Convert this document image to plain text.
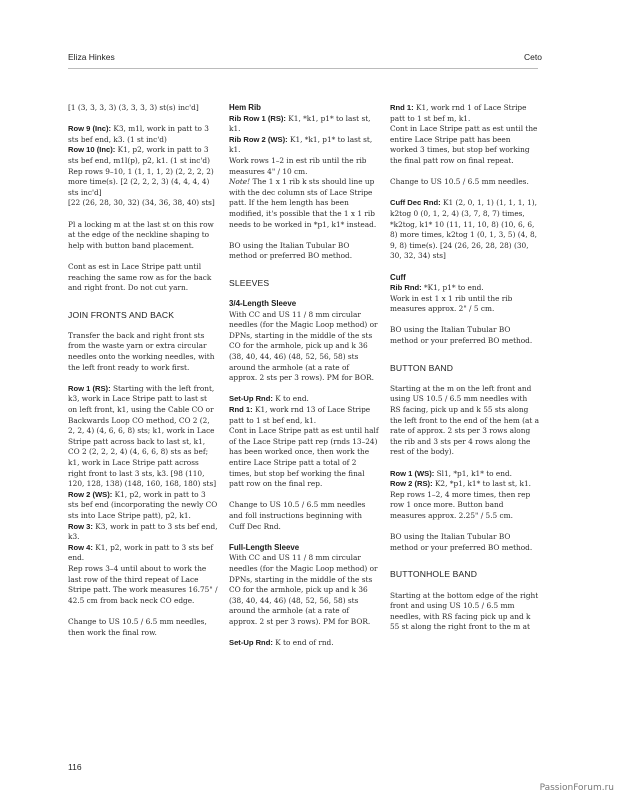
Eliza Hinkes	Ceto

[1 (3, 3, 3, 3) (3, 3, 3, 3) st(s) inc'd]

Row 9 (Inc): K3, m1l, work in patt to 3 sts bef end, k3. (1 st inc'd)

Row 10 (Inc): K1, p2, work in patt to 3 sts bef end, m1l(p), p2, k1. (1 st inc'd)

Rep rows 9–10, 1 (1, 1, 1, 2) (2, 2, 2, 2) more time(s). [2 (2, 2, 2, 3) (4, 4, 4, 4) sts inc'd]

[22 (26, 28, 30, 32) (34, 36, 38, 40) sts]

Pl a locking m at the last st on this row at the edge of the neckline shaping to help with button band placement.

Cont as est in Lace Stripe patt until reaching the same row as for the back and right front. Do not cut yarn.

JOIN FRONTS AND BACK

Transfer the back and right front sts from the waste yarn or extra circular needles onto the working needles, with the left front ready to work first.

Row 1 (RS): Starting with the left front, k3, work in Lace Stripe patt to last st on left front, k1, using the Cable CO or Backwards Loop CO method, CO 2 (2, 2, 2, 4) (4, 6, 6, 8) sts; k1, work in Lace Stripe patt across back to last st, k1, CO 2 (2, 2, 2, 4) (4, 6, 6, 8) sts as bef; k1, work in Lace Stripe patt across right front to last 3 sts, k3. [98 (110, 120, 128, 138) (148, 160, 168, 180) sts]

Row 2 (WS): K1, p2, work in patt to 3 sts bef end (incorporating the newly CO sts into Lace Stripe patt), p2, k1.

Row 3: K3, work in patt to 3 sts bef end, k3.

Row 4: K1, p2, work in patt to 3 sts bef end.

Rep rows 3–4 until about to work the last row of the third repeat of Lace Stripe patt. The work measures 16.75" / 42.5 cm from back neck CO edge.

Change to US 10.5 / 6.5 mm needles, then work the final row.

Hem Rib

Rib Row 1 (RS): K1, *k1, p1* to last st, k1.

Rib Row 2 (WS): K1, *k1, p1* to last st, k1.

Work rows 1–2 in est rib until the rib measures 4" / 10 cm.

Note! The 1 x 1 rib k sts should line up with the dec column sts of Lace Stripe patt. If the hem length has been modified, it's possible that the 1 x 1 rib needs to be worked in *p1, k1* instead.

BO using the Italian Tubular BO method or preferred BO method.

SLEEVES

3/4-Length Sleeve

With CC and US 11 / 8 mm circular needles (for the Magic Loop method) or DPNs, starting in the middle of the sts CO for the armhole, pick up and k 36 (38, 40, 44, 46) (48, 52, 56, 58) sts around the armhole (at a rate of approx. 2 sts per 3 rows). PM for BOR.

Set-Up Rnd: K to end.

Rnd 1: K1, work rnd 13 of Lace Stripe patt to 1 st bef end, k1.

Cont in Lace Stripe patt as est until half of the Lace Stripe patt rep (rnds 13–24) has been worked once, then work the entire Lace Stripe patt a total of 2 times, but stop bef working the final patt row on the final rep.

Change to US 10.5 / 6.5 mm needles and foll instructions beginning with Cuff Dec Rnd.

Full-Length Sleeve

With CC and US 11 / 8 mm circular needles (for the Magic Loop method) or DPNs, starting in the middle of the sts CO for the armhole, pick up and k 36 (38, 40, 44, 46) (48, 52, 56, 58) sts around the armhole (at a rate of approx. 2 st per 3 rows). PM for BOR.

Set-Up Rnd: K to end of rnd.

Rnd 1: K1, work rnd 1 of Lace Stripe patt to 1 st bef m, k1.

Cont in Lace Stripe patt as est until the entire Lace Stripe patt has been worked 3 times, but stop bef working the final patt row on final repeat.

Change to US 10.5 / 6.5 mm needles.

Cuff Dec Rnd: K1 (2, 0, 1, 1) (1, 1, 1, 1), k2tog 0 (0, 1, 2, 4) (3, 7, 8, 7) times, *k2tog, k1* 10 (11, 11, 10, 8) (10, 6, 6, 8) more times, k2tog 1 (0, 1, 3, 5) (4, 8, 9, 8) time(s). [24 (26, 26, 28, 28) (30, 30, 32, 34) sts]

Cuff

Rib Rnd: *K1, p1* to end.

Work in est 1 x 1 rib until the rib measures approx. 2" / 5 cm.

BO using the Italian Tubular BO method or your preferred BO method.

BUTTON BAND

Starting at the m on the left front and using US 10.5 / 6.5 mm needles with RS facing, pick up and k 55 sts along the left front to the end of the hem (at a rate of approx. 2 sts per 3 rows along the rib and 3 sts per 4 rows along the rest of the body).

Row 1 (WS): Sl1, *p1, k1* to end.

Row 2 (RS): K2, *p1, k1* to last st, k1.

Rep rows 1–2, 4 more times, then rep row 1 once more. Button band measures approx. 2.25" / 5.5 cm.

BO using the Italian Tubular BO method or your preferred BO method.

BUTTONHOLE BAND

Starting at the bottom edge of the right front and using US 10.5 / 6.5 mm needles, with RS facing pick up and k 55 st along the right front to the m at

116
PassionForum.ru
